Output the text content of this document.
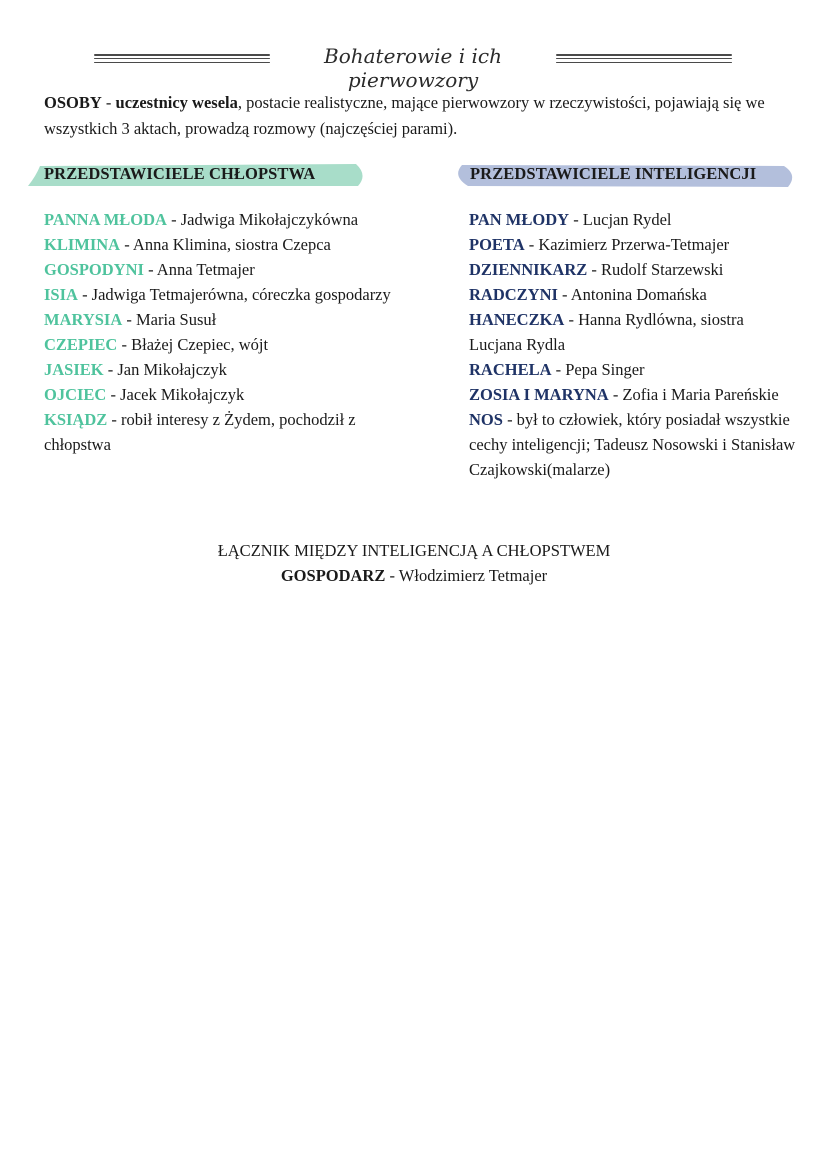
Bohaterowie i ich pierwowzory

OSOBY - uczestnicy wesela, postacie realistyczne, mające pierwowzory w rzeczywistości, pojawiają się we wszystkich 3 aktach, prowadzą rozmowy (najczęściej parami).

PRZEDSTAWICIELE CHŁOPSTWA	PRZEDSTAWICIELE INTELIGENCJI

PANNA MŁODA - Jadwiga Mikołajczykówna

KLIMINA - Anna Klimina, siostra Czepca

GOSPODYNI - Anna Tetmajer

ISIA - Jadwiga Tetmajerówna, córeczka gospodarzy

MARYSIA - Maria Susuł

CZEPIEC - Błażej Czepiec, wójt

JASIEK - Jan Mikołajczyk

OJCIEC - Jacek Mikołajczyk

KSIĄDZ - robił interesy z Żydem, pochodził z chłopstwa

PAN MŁODY - Lucjan Rydel

POETA - Kazimierz Przerwa-Tetmajer

DZIENNIKARZ - Rudolf Starzewski

RADCZYNI - Antonina Domańska

HANECZKA - Hanna Rydlówna, siostra Lucjana Rydla

RACHELA - Pepa Singer

ZOSIA I MARYNA - Zofia i Maria Pareńskie

NOS - był to człowiek, który posiadał wszystkie cechy inteligencji; Tadeusz Nosowski i Stanisław Czajkowski(malarze)

ŁĄCZNIK MIĘDZY INTELIGENCJĄ A CHŁOPSTWEM
GOSPODARZ - Włodzimierz Tetmajer
